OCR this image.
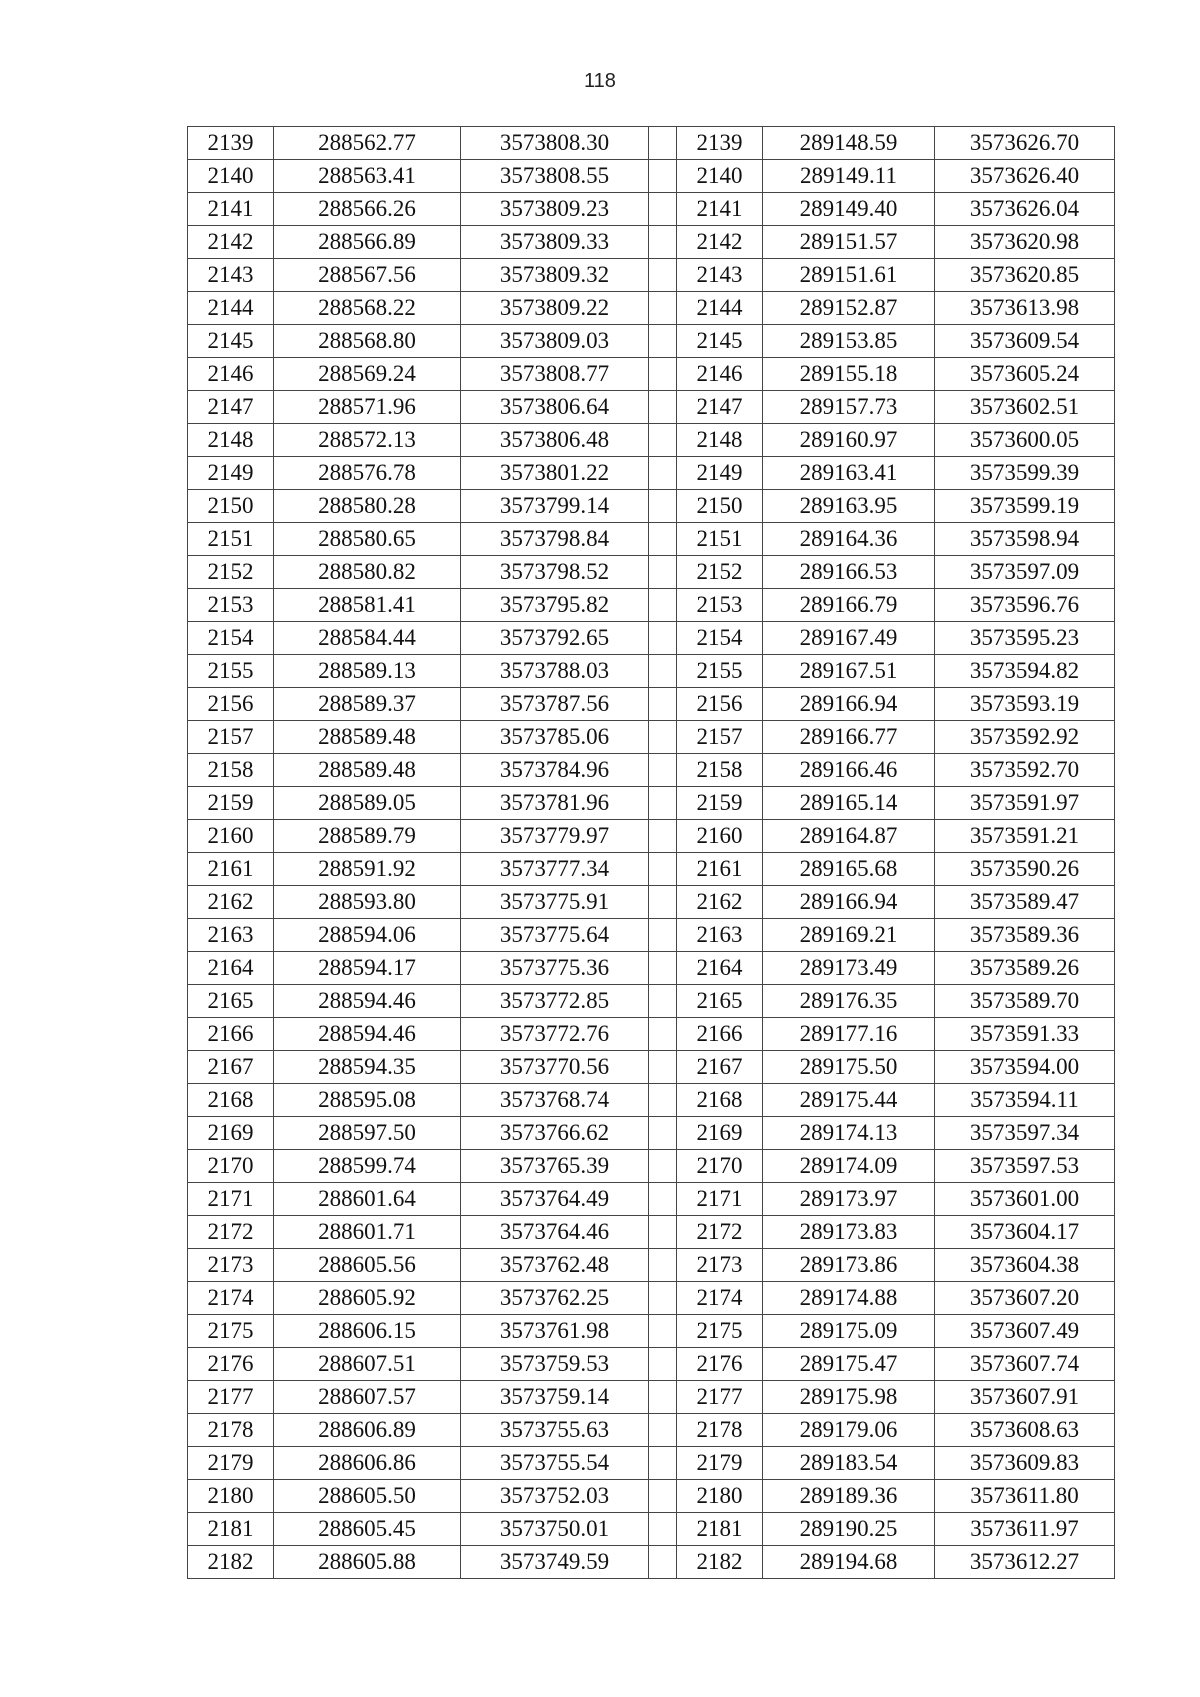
118
2139	288562.77	3573808.30		2139	289148.59	3573626.70
2140	288563.41	3573808.55		2140	289149.11	3573626.40
2141	288566.26	3573809.23		2141	289149.40	3573626.04
2142	288566.89	3573809.33		2142	289151.57	3573620.98
2143	288567.56	3573809.32		2143	289151.61	3573620.85
2144	288568.22	3573809.22		2144	289152.87	3573613.98
2145	288568.80	3573809.03		2145	289153.85	3573609.54
2146	288569.24	3573808.77		2146	289155.18	3573605.24
2147	288571.96	3573806.64		2147	289157.73	3573602.51
2148	288572.13	3573806.48		2148	289160.97	3573600.05
2149	288576.78	3573801.22		2149	289163.41	3573599.39
2150	288580.28	3573799.14		2150	289163.95	3573599.19
2151	288580.65	3573798.84		2151	289164.36	3573598.94
2152	288580.82	3573798.52		2152	289166.53	3573597.09
2153	288581.41	3573795.82		2153	289166.79	3573596.76
2154	288584.44	3573792.65		2154	289167.49	3573595.23
2155	288589.13	3573788.03		2155	289167.51	3573594.82
2156	288589.37	3573787.56		2156	289166.94	3573593.19
2157	288589.48	3573785.06		2157	289166.77	3573592.92
2158	288589.48	3573784.96		2158	289166.46	3573592.70
2159	288589.05	3573781.96		2159	289165.14	3573591.97
2160	288589.79	3573779.97		2160	289164.87	3573591.21
2161	288591.92	3573777.34		2161	289165.68	3573590.26
2162	288593.80	3573775.91		2162	289166.94	3573589.47
2163	288594.06	3573775.64		2163	289169.21	3573589.36
2164	288594.17	3573775.36		2164	289173.49	3573589.26
2165	288594.46	3573772.85		2165	289176.35	3573589.70
2166	288594.46	3573772.76		2166	289177.16	3573591.33
2167	288594.35	3573770.56		2167	289175.50	3573594.00
2168	288595.08	3573768.74		2168	289175.44	3573594.11
2169	288597.50	3573766.62		2169	289174.13	3573597.34
2170	288599.74	3573765.39		2170	289174.09	3573597.53
2171	288601.64	3573764.49		2171	289173.97	3573601.00
2172	288601.71	3573764.46		2172	289173.83	3573604.17
2173	288605.56	3573762.48		2173	289173.86	3573604.38
2174	288605.92	3573762.25		2174	289174.88	3573607.20
2175	288606.15	3573761.98		2175	289175.09	3573607.49
2176	288607.51	3573759.53		2176	289175.47	3573607.74
2177	288607.57	3573759.14		2177	289175.98	3573607.91
2178	288606.89	3573755.63		2178	289179.06	3573608.63
2179	288606.86	3573755.54		2179	289183.54	3573609.83
2180	288605.50	3573752.03		2180	289189.36	3573611.80
2181	288605.45	3573750.01		2181	289190.25	3573611.97
2182	288605.88	3573749.59		2182	289194.68	3573612.27
